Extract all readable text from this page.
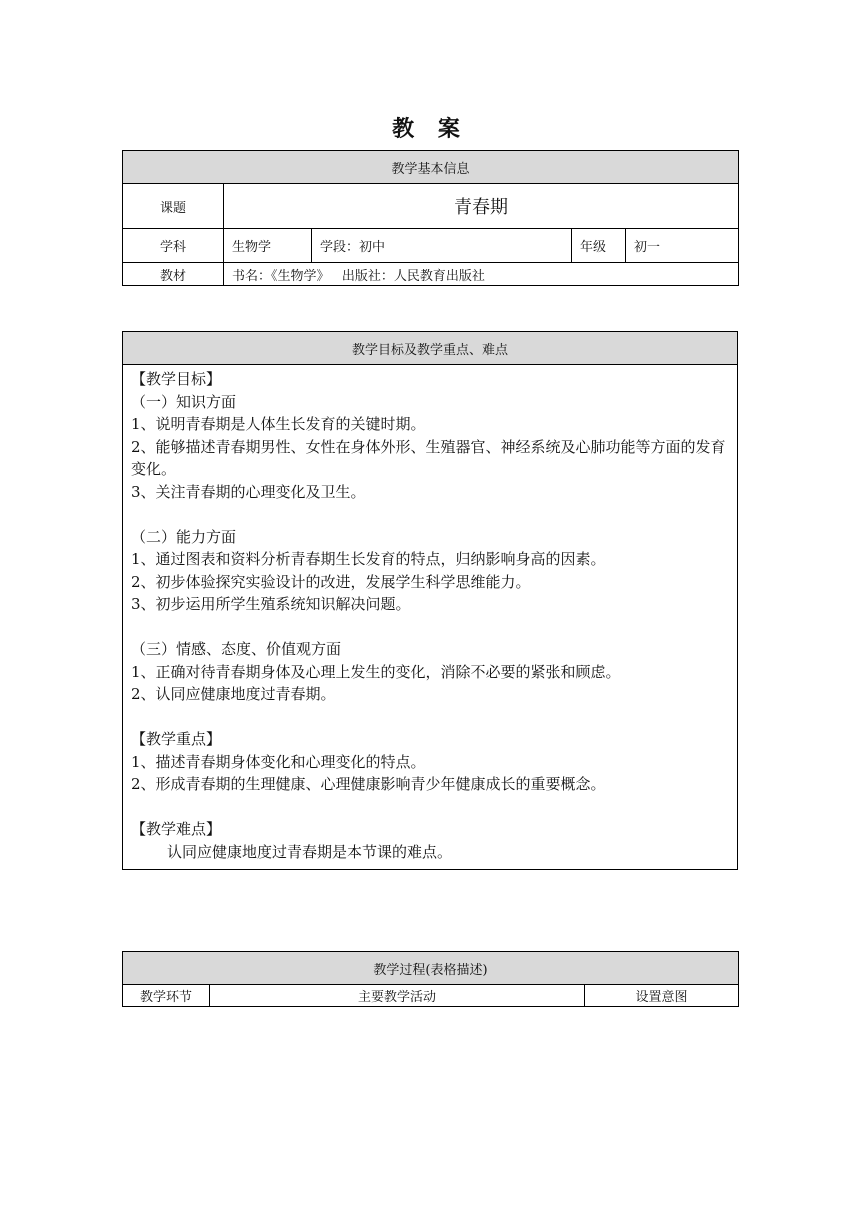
教 案
教学基本信息				
课题	青春期			
学科	生物学	学段：初中	年级	初一
教材	书名：《生物学》   出版社：人民教育出版社			
教学目标及教学重点、难点

【教学目标】

（一）知识方面

1、说明青春期是人体生长发育的关键时期。

2、能够描述青春期男性、女性在身体外形、生殖器官、神经系统及心肺功能等方面的发育变化。

3、关注青春期的心理变化及卫生。

（二）能力方面

1、通过图表和资料分析青春期生长发育的特点，归纳影响身高的因素。

2、初步体验探究实验设计的改进，发展学生科学思维能力。

3、初步运用所学生殖系统知识解决问题。

（三）情感、态度、价值观方面

1、正确对待青春期身体及心理上发生的变化，消除不必要的紧张和顾虑。

2、认同应健康地度过青春期。

【教学重点】

1、描述青春期身体变化和心理变化的特点。

2、形成青春期的生理健康、心理健康影响青少年健康成长的重要概念。

【教学难点】

认同应健康地度过青春期是本节课的难点。

教学过程(表格描述)
教学环节	主要教学活动	设置意图
